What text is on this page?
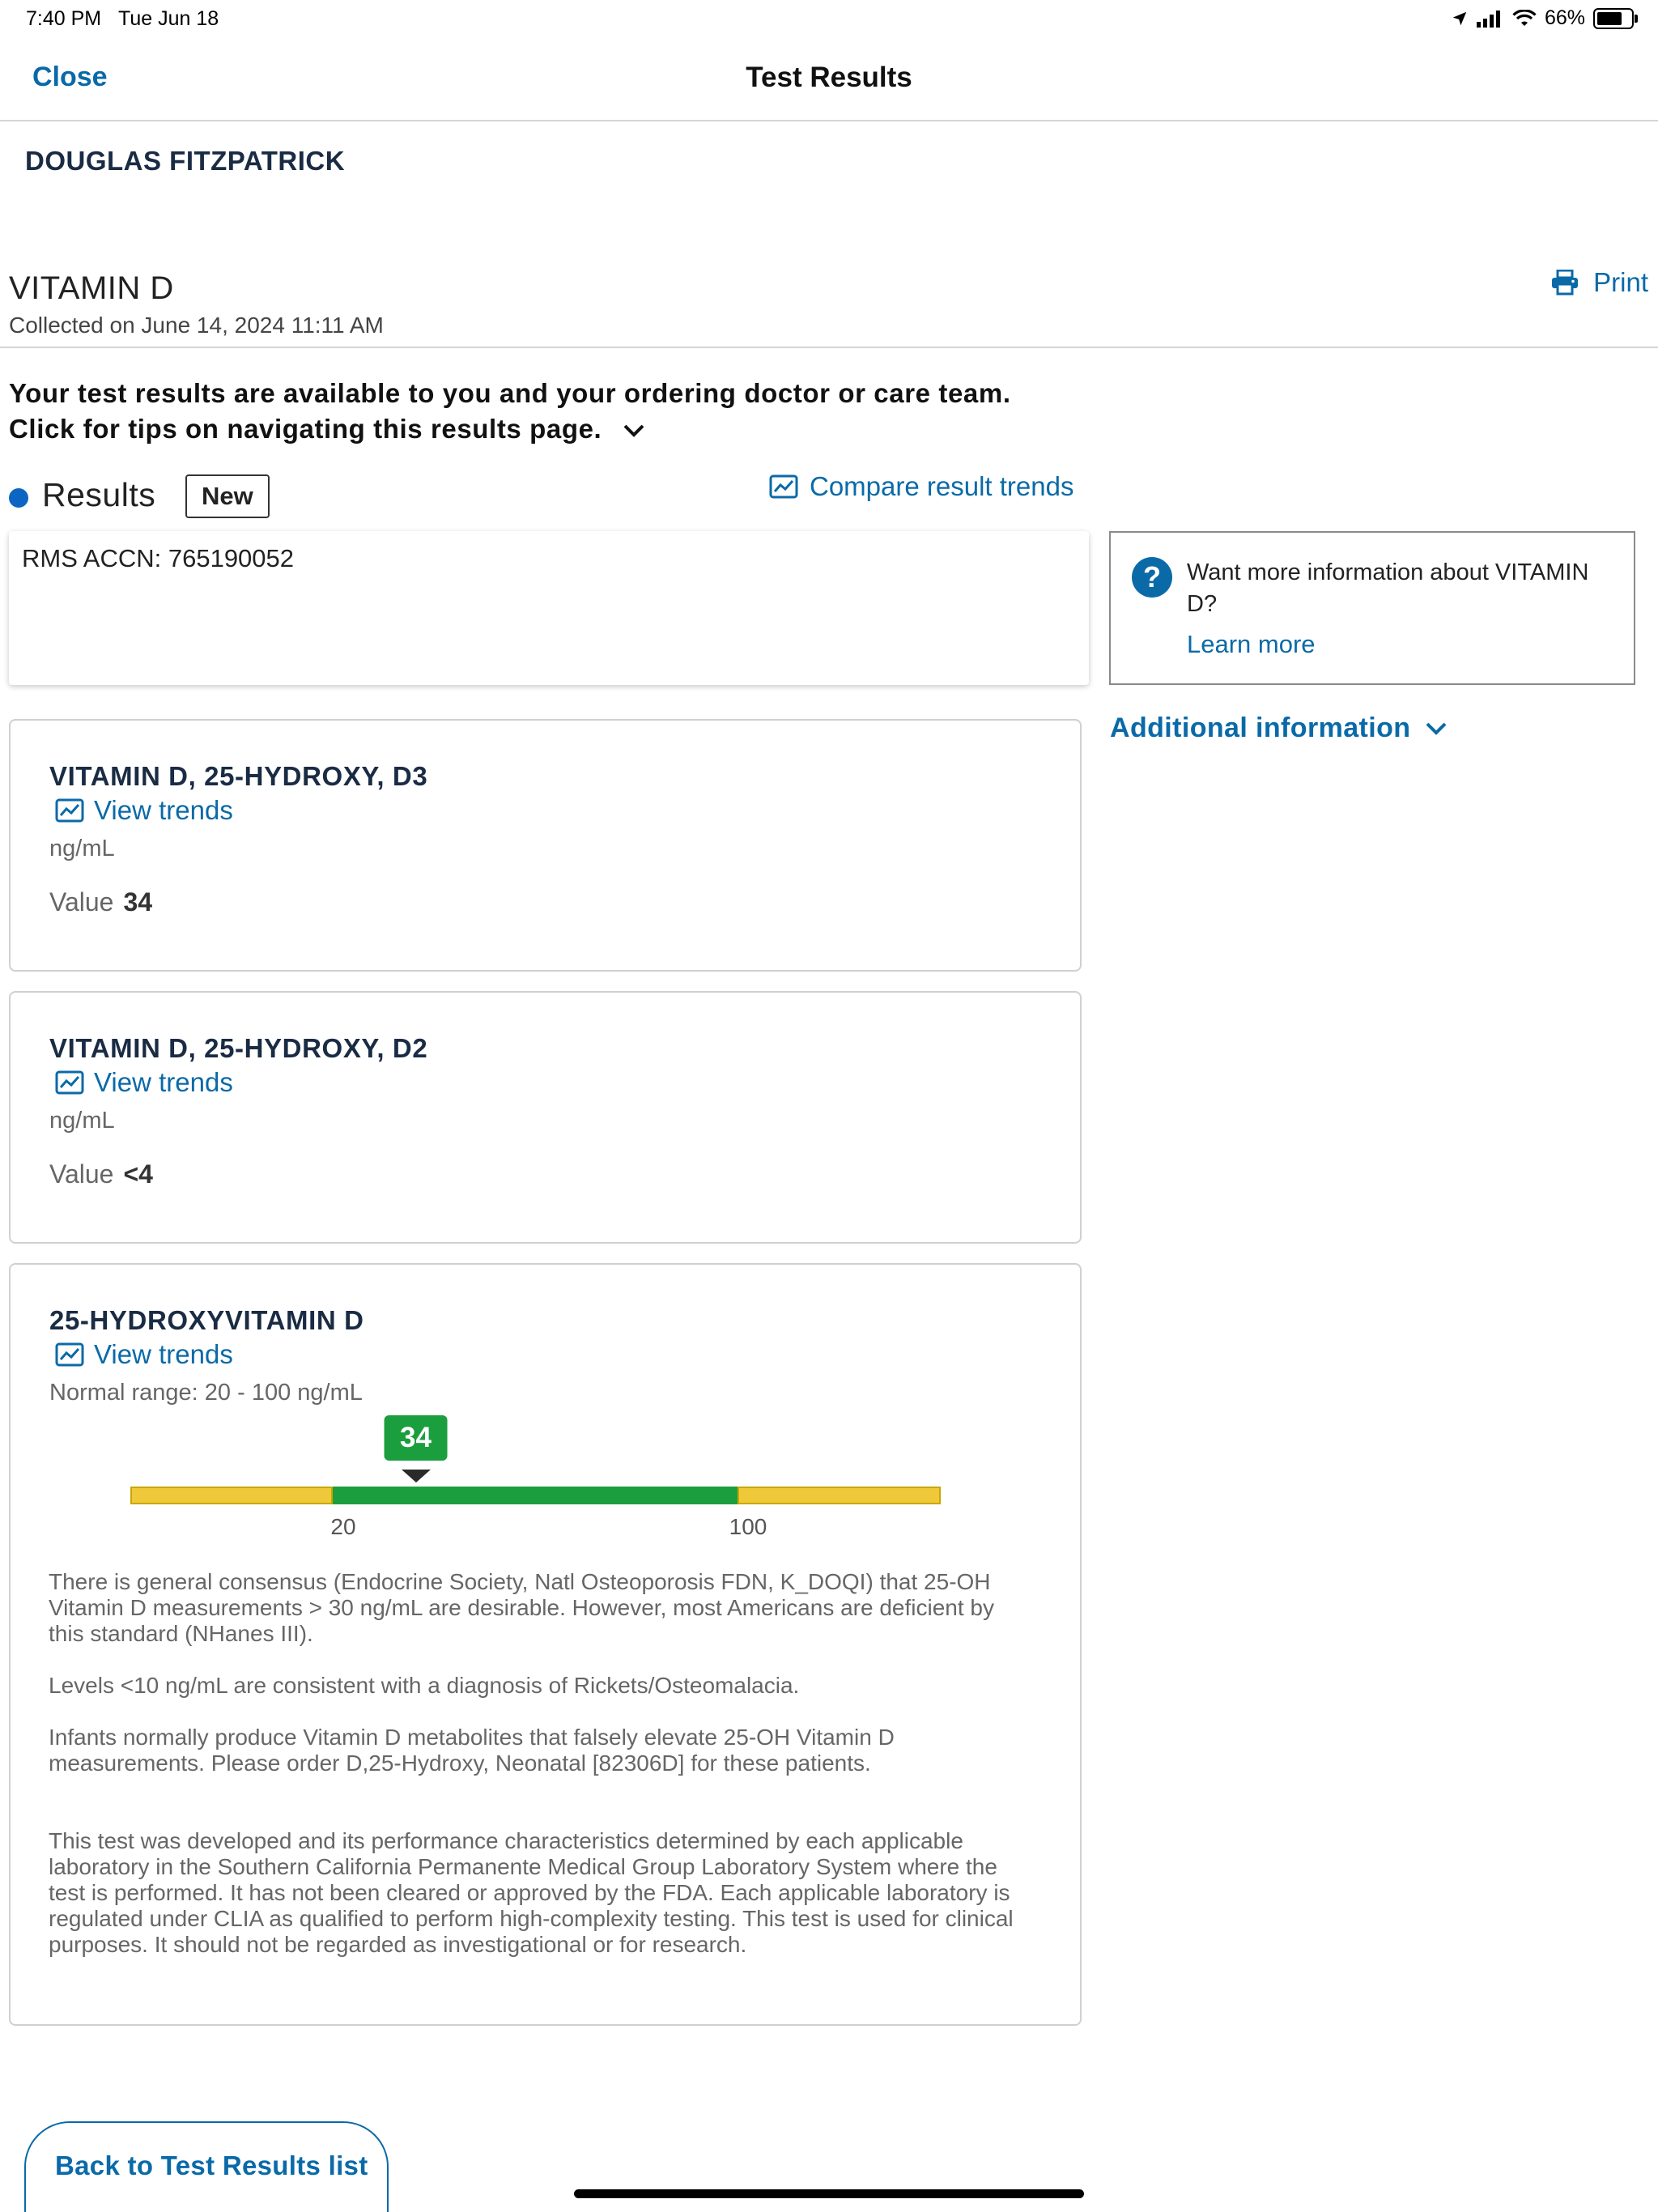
7:40 PM Tue Jun 18	66%
Test Results
Close
DOUGLAS FITZPATRICK
VITAMIN D
Collected on June 14, 2024 11:11 AM
Print
Your test results are available to you and your ordering doctor or care team. Click for tips on navigating this results page.
Results	New	Compare result trends
RMS ACCN: 765190052
?	Want more information about VITAMIN D?
Learn more
Additional information
VITAMIN D, 25-HYDROXY, D3
View trends
ng/mL
Value 34
VITAMIN D, 25-HYDROXY, D2
View trends
ng/mL
Value <4
25-HYDROXYVITAMIN D
View trends
Normal range: 20 - 100 ng/mL
20	100
34
There is general consensus (Endocrine Society, Natl Osteoporosis FDN, K_DOQI) that 25-OH Vitamin D measurements > 30 ng/mL are desirable. However, most Americans are deficient by this standard (NHanes III).
Levels <10 ng/mL are consistent with a diagnosis of Rickets/Osteomalacia.
Infants normally produce Vitamin D metabolites that falsely elevate 25-OH Vitamin D measurements. Please order D,25-Hydroxy, Neonatal [82306D] for these patients.
This test was developed and its performance characteristics determined by each applicable laboratory in the Southern California Permanente Medical Group Laboratory System where the test is performed. It has not been cleared or approved by the FDA. Each applicable laboratory is regulated under CLIA as qualified to perform high-complexity testing. This test is used for clinical purposes. It should not be regarded as investigational or for research.
Back to Test Results list
